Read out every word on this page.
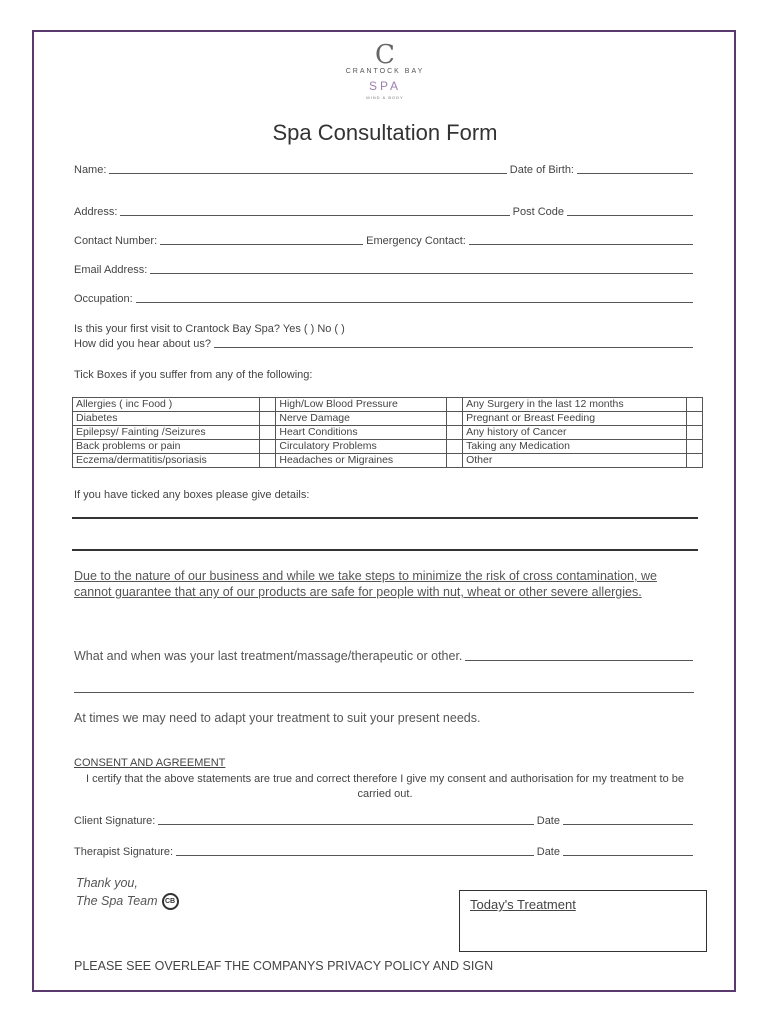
C
CRANTOCK BAY
SPA
MIND & BODY
Spa Consultation Form
Name:	Date of Birth:
Address:	Post Code
Contact Number:	Emergency Contact:
Email Address:
Occupation:
Is this your first visit to Crantock Bay Spa? Yes ( ) No ( )
How did you hear about us?
Tick Boxes if you suffer from any of the following:
Allergies ( inc Food )		High/Low Blood Pressure		Any Surgery in the last 12 months	
Diabetes		Nerve Damage		Pregnant or Breast Feeding	
Epilepsy/ Fainting /Seizures		Heart Conditions		Any history of Cancer	
Back problems or pain		Circulatory Problems		Taking any Medication	
Eczema/dermatitis/psoriasis		Headaches or Migraines		Other	
If you have ticked any boxes please give details:
Due to the nature of our business and while we take steps to minimize the risk of cross contamination, we cannot guarantee that any of our products are safe for people with nut, wheat or other severe allergies.
What and when was your last treatment/massage/therapeutic or other.
At times we may need to adapt your treatment to suit your present needs.
CONSENT AND AGREEMENT
I certify that the above statements are true and correct therefore I give my consent and authorisation for my treatment to be carried out.
Client Signature:	Date
Therapist Signature:	Date
Thank you,
The Spa Team CB	Today's Treatment
PLEASE SEE OVERLEAF THE COMPANYS PRIVACY POLICY AND SIGN
